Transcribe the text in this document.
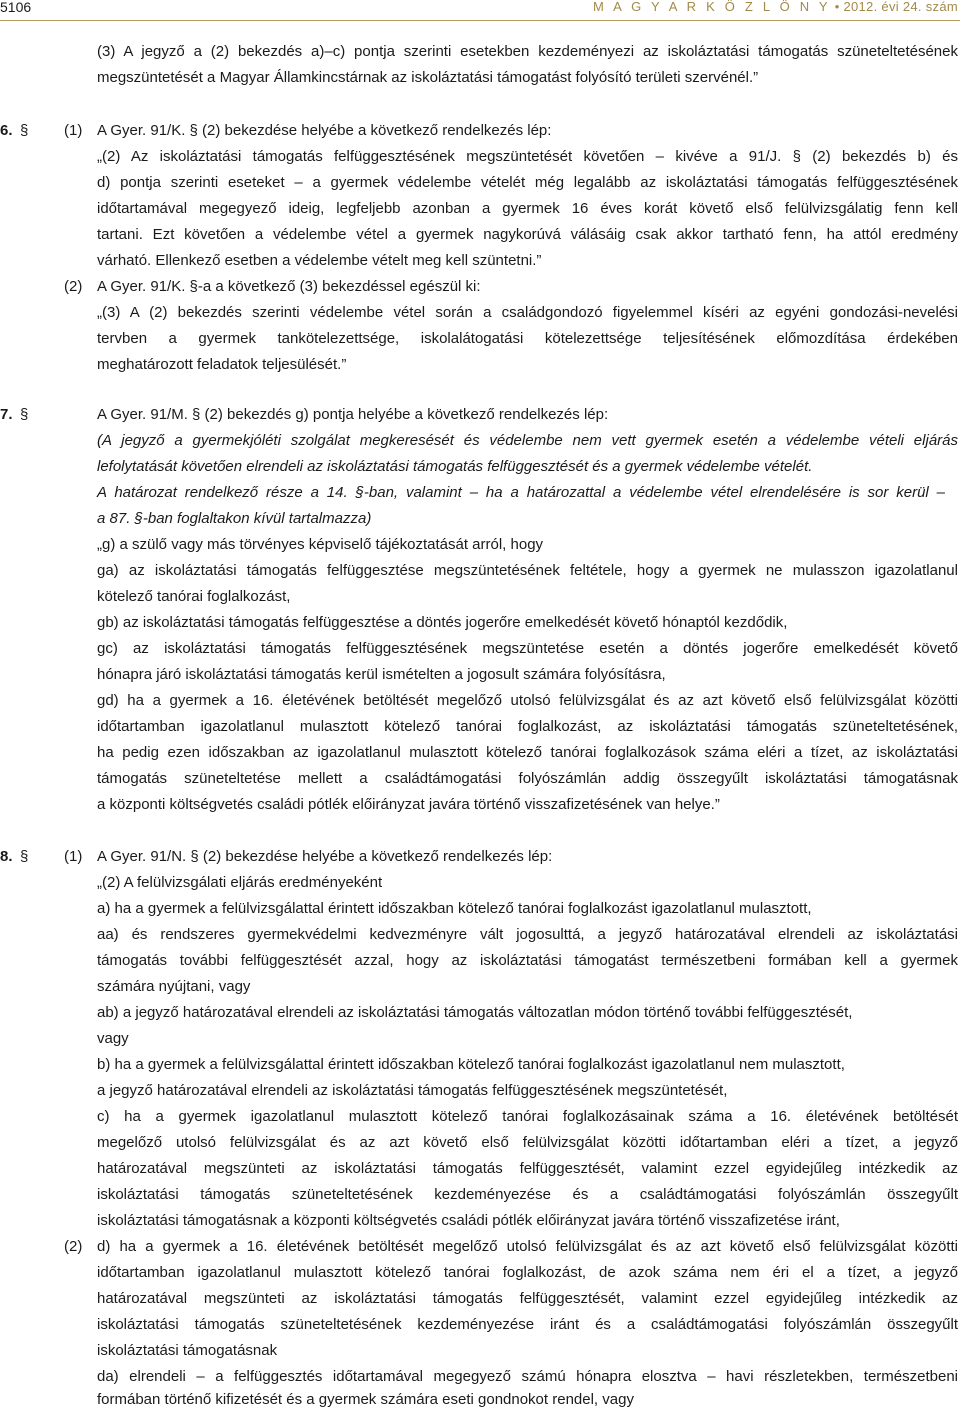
5106	M A G Y A R K Ö Z L Ö N Y • 2012. évi 24. szám
(3) A jegyző a (2) bekezdés a)–c) pontja szerinti esetekben kezdeményezi az iskoláztatási támogatás szüneteltetésének
megszüntetését a Magyar Államkincstárnak az iskoláztatási támogatást folyósító területi szervénél.”
6. § (1) A Gyer. 91/K. § (2) bekezdése helyébe a következő rendelkezés lép:
„(2) Az iskoláztatási támogatás felfüggesztésének megszüntetését követően – kivéve a 91/J. § (2) bekezdés b) és
d) pontja szerinti eseteket – a gyermek védelembe vételét még legalább az iskoláztatási támogatás felfüggesztésének
időtartamával megegyező ideig, legfeljebb azonban a gyermek 16 éves korát követő első felülvizsgálatig fenn kell
tartani. Ezt követően a védelembe vétel a gyermek nagykorúvá válásáig csak akkor tartható fenn, ha attól eredmény
várható. Ellenkező esetben a védelembe vételt meg kell szüntetni.”
(2) A Gyer. 91/K. §-a a következő (3) bekezdéssel egészül ki:
„(3) A (2) bekezdés szerinti védelembe vétel során a családgondozó figyelemmel kíséri az egyéni gondozási-nevelési
tervben a gyermek tankötelezettsége, iskolalátogatási kötelezettsége teljesítésének előmozdítása érdekében
meghatározott feladatok teljesülését.”
7. §	A Gyer. 91/M. § (2) bekezdés g) pontja helyébe a következő rendelkezés lép:
(A jegyző a gyermekjóléti szolgálat megkeresését és védelembe nem vett gyermek esetén a védelembe vételi eljárás
lefolytatását követően elrendeli az iskoláztatási támogatás felfüggesztését és a gyermek védelembe vételét.
A határozat rendelkező része a 14. §-ban, valamint – ha a határozattal a védelembe vétel elrendelésére is sor kerül –
a 87. §-ban foglaltakon kívül tartalmazza)
„g) a szülő vagy más törvényes képviselő tájékoztatását arról, hogy
ga) az iskoláztatási támogatás felfüggesztése megszüntetésének feltétele, hogy a gyermek ne mulasszon igazolatlanul
kötelező tanórai foglalkozást,
gb) az iskoláztatási támogatás felfüggesztése a döntés jogerőre emelkedését követő hónaptól kezdődik,
gc) az iskoláztatási támogatás felfüggesztésének megszüntetése esetén a döntés jogerőre emelkedését követő
hónapra járó iskoláztatási támogatás kerül ismételten a jogosult számára folyósításra,
gd) ha a gyermek a 16. életévének betöltését megelőző utolsó felülvizsgálat és az azt követő első felülvizsgálat közötti
időtartamban igazolatlanul mulasztott kötelező tanórai foglalkozást, az iskoláztatási támogatás szüneteltetésének,
ha pedig ezen időszakban az igazolatlanul mulasztott kötelező tanórai foglalkozások száma eléri a tízet, az iskoláztatási
támogatás szüneteltetése mellett a családtámogatási folyószámlán addig összegyűlt iskoláztatási támogatásnak
a központi költségvetés családi pótlék előirányzat javára történő visszafizetésének van helye.”
8. § (1) A Gyer. 91/N. § (2) bekezdése helyébe a következő rendelkezés lép:
„(2) A felülvizsgálati eljárás eredményeként
a) ha a gyermek a felülvizsgálattal érintett időszakban kötelező tanórai foglalkozást igazolatlanul mulasztott,
aa) és rendszeres gyermekvédelmi kedvezményre vált jogosulttá, a jegyző határozatával elrendeli az iskoláztatási
támogatás további felfüggesztését azzal, hogy az iskoláztatási támogatást természetbeni formában kell a gyermek
számára nyújtani, vagy
ab) a jegyző határozatával elrendeli az iskoláztatási támogatás változatlan módon történő további felfüggesztését,
vagy
b) ha a gyermek a felülvizsgálattal érintett időszakban kötelező tanórai foglalkozást igazolatlanul nem mulasztott,
a jegyző határozatával elrendeli az iskoláztatási támogatás felfüggesztésének megszüntetését,
c) ha a gyermek igazolatlanul mulasztott kötelező tanórai foglalkozásainak száma a 16. életévének betöltését
megelőző utolsó felülvizsgálat és az azt követő első felülvizsgálat közötti időtartamban eléri a tízet, a jegyző
határozatával megszünteti az iskoláztatási támogatás felfüggesztését, valamint ezzel egyidejűleg intézkedik az
iskoláztatási támogatás szüneteltetésének kezdeményezése és a családtámogatási folyószámlán összegyűlt
iskoláztatási támogatásnak a központi költségvetés családi pótlék előirányzat javára történő visszafizetése iránt,
(2) d) ha a gyermek a 16. életévének betöltését megelőző utolsó felülvizsgálat és az azt követő első felülvizsgálat közötti
időtartamban igazolatlanul mulasztott kötelező tanórai foglalkozást, de azok száma nem éri el a tízet, a jegyző
határozatával megszünteti az iskoláztatási támogatás felfüggesztését, valamint ezzel egyidejűleg intézkedik az
iskoláztatási támogatás szüneteltetésének kezdeményezése iránt és a családtámogatási folyószámlán összegyűlt
iskoláztatási támogatásnak
da) elrendeli – a felfüggesztés időtartamával megegyező számú hónapra elosztva – havi részletekben, természetbeni
formában történő kifizetését és a gyermek számára eseti gondnokot rendel, vagy
